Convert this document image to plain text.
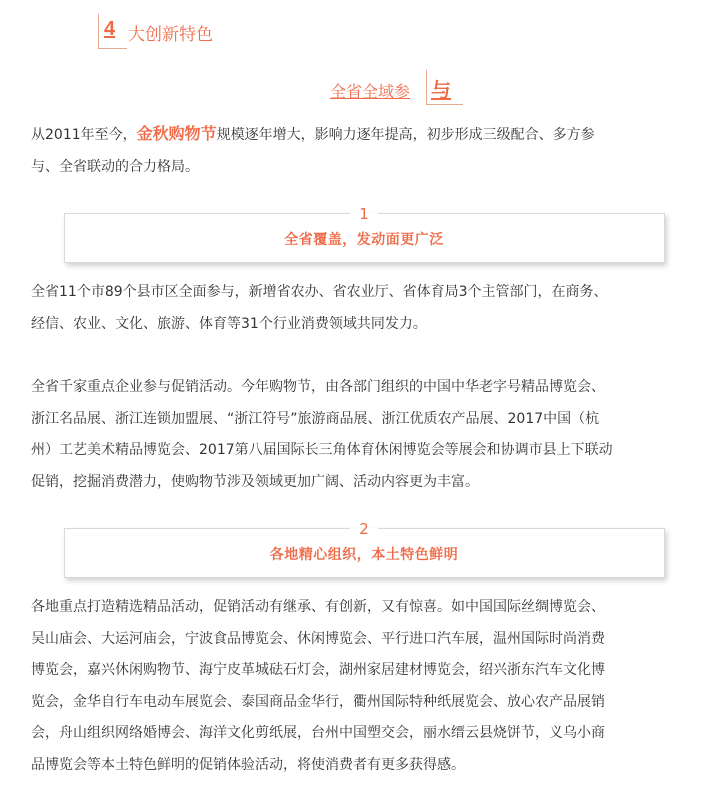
4 大创新特色
全省全域参 与
从2011年至今，金秋购物节规模逐年增大，影响力逐年提高，初步形成三级配合、多方参
与、全省联动的合力格局。
1
全省覆盖，发动面更广泛
全省11个市89个县市区全面参与，新增省农办、省农业厅、省体育局3个主管部门，在商务、
经信、农业、文化、旅游、体育等31个行业消费领域共同发力。
全省千家重点企业参与促销活动。今年购物节，由各部门组织的中国中华老字号精品博览会、
浙江名品展、浙江连锁加盟展、“浙江符号”旅游商品展、浙江优质农产品展、2017中国（杭
州）工艺美术精品博览会、2017第八届国际长三角体育休闲博览会等展会和协调市县上下联动
促销，挖掘消费潜力，使购物节涉及领域更加广阔、活动内容更为丰富。
2
各地精心组织，本土特色鲜明
各地重点打造精选精品活动，促销活动有继承、有创新，又有惊喜。如中国国际丝绸博览会、
吴山庙会、大运河庙会，宁波食品博览会、休闲博览会、平行进口汽车展，温州国际时尚消费
博览会，嘉兴休闲购物节、海宁皮革城砝石灯会，湖州家居建材博览会，绍兴浙东汽车文化博
览会，金华自行车电动车展览会、泰国商品金华行，衢州国际特种纸展览会、放心农产品展销
会，舟山组织网络婚博会、海洋文化剪纸展，台州中国塑交会，丽水缙云县烧饼节，义乌小商
品博览会等本土特色鲜明的促销体验活动，将使消费者有更多获得感。
